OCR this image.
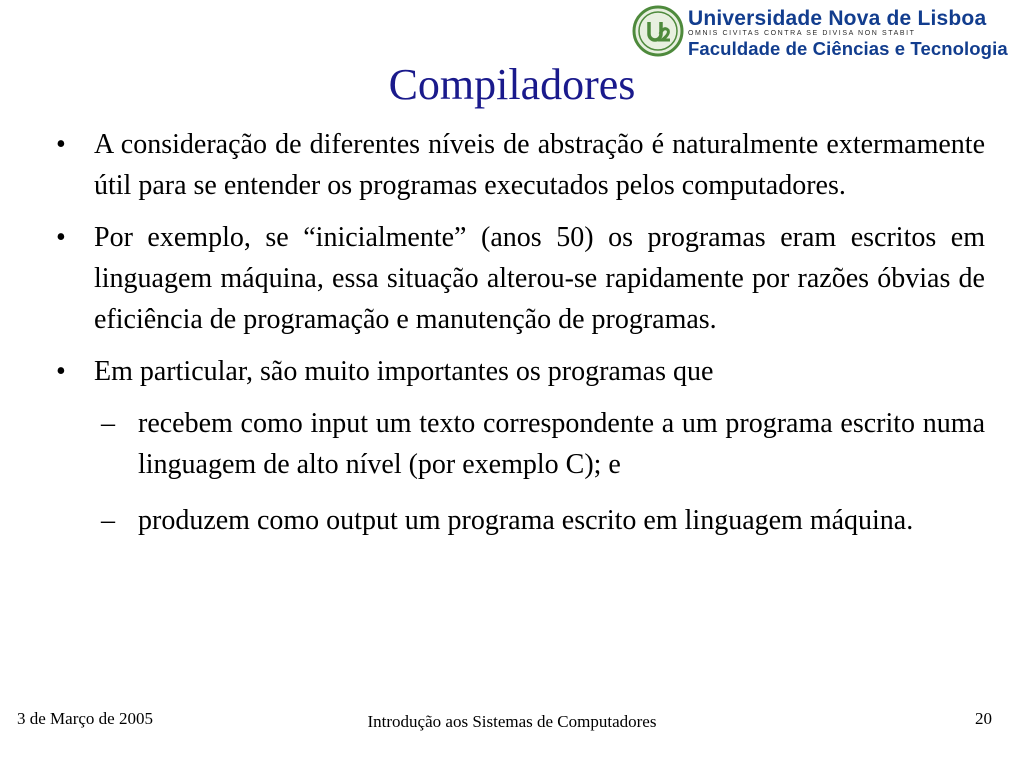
Universidade Nova de Lisboa
OMNIS CIVITAS CONTRA SE DIVISA NON STABIT
Faculdade de Ciências e Tecnologia
Compiladores
• A consideração de diferentes níveis de abstração é naturalmente extermamente útil para se entender os programas executados pelos computadores.
• Por exemplo, se “inicialmente” (anos 50) os programas eram escritos em linguagem máquina, essa situação alterou-se rapidamente por razões óbvias de eficiência de programação e manutenção de programas.
• Em particular, são muito importantes os programas que
– recebem como input um texto correspondente a um programa escrito numa linguagem de alto nível (por exemplo C); e
– produzem como output um programa escrito em linguagem máquina.
3 de Março de 2005	Introdução aos Sistemas de Computadores	20
